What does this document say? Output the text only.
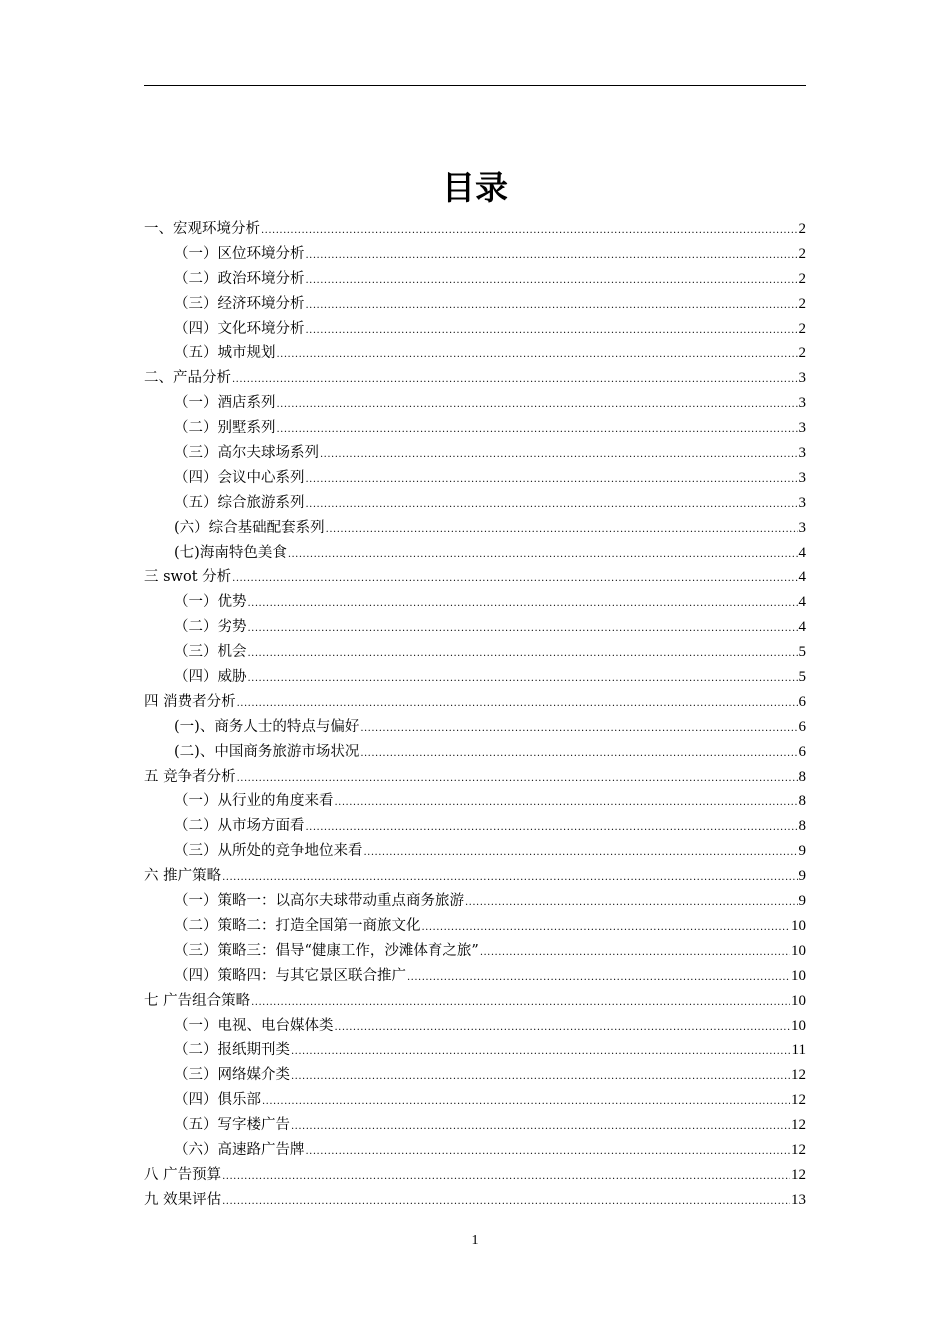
目录
一、宏观环境分析 .....	2
（一）区位环境分析 .....	2
（二）政治环境分析 .....	2
（三）经济环境分析 .....	2
（四）文化环境分析 .....	2
（五）城市规划 .....	2
二、产品分析 .....	3
（一）酒店系列 .....	3
（二）别墅系列 .....	3
（三）高尔夫球场系列 .....	3
（四）会议中心系列 .....	3
（五）综合旅游系列 .....	3
(六）综合基础配套系列 .....	3
(七)海南特色美食 .....	4
三 swot 分析 .....	4
（一）优势 .....	4
（二）劣势 .....	4
（三）机会 .....	5
（四）威胁 .....	5
四 消费者分析 .....	6
(一)、商务人士的特点与偏好 .....	6
(二)、中国商务旅游市场状况 .....	6
五 竞争者分析 .....	8
（一）从行业的角度来看 .....	8
（二）从市场方面看 .....	8
（三）从所处的竞争地位来看 .....	9
六 推广策略 .....	9
（一）策略一：以高尔夫球带动重点商务旅游 .....	9
（二）策略二：打造全国第一商旅文化 .....	10
（三）策略三：倡导“健康工作，沙滩体育之旅” .....	10
（四）策略四：与其它景区联合推广 .....	10
七 广告组合策略 .....	10
（一）电视、电台媒体类 .....	10
（二）报纸期刊类 .....	11
（三）网络媒介类 .....	12
（四）俱乐部 .....	12
（五）写字楼广告 .....	12
（六）高速路广告牌 .....	12
八 广告预算 .....	12
九 效果评估 .....	13
1
